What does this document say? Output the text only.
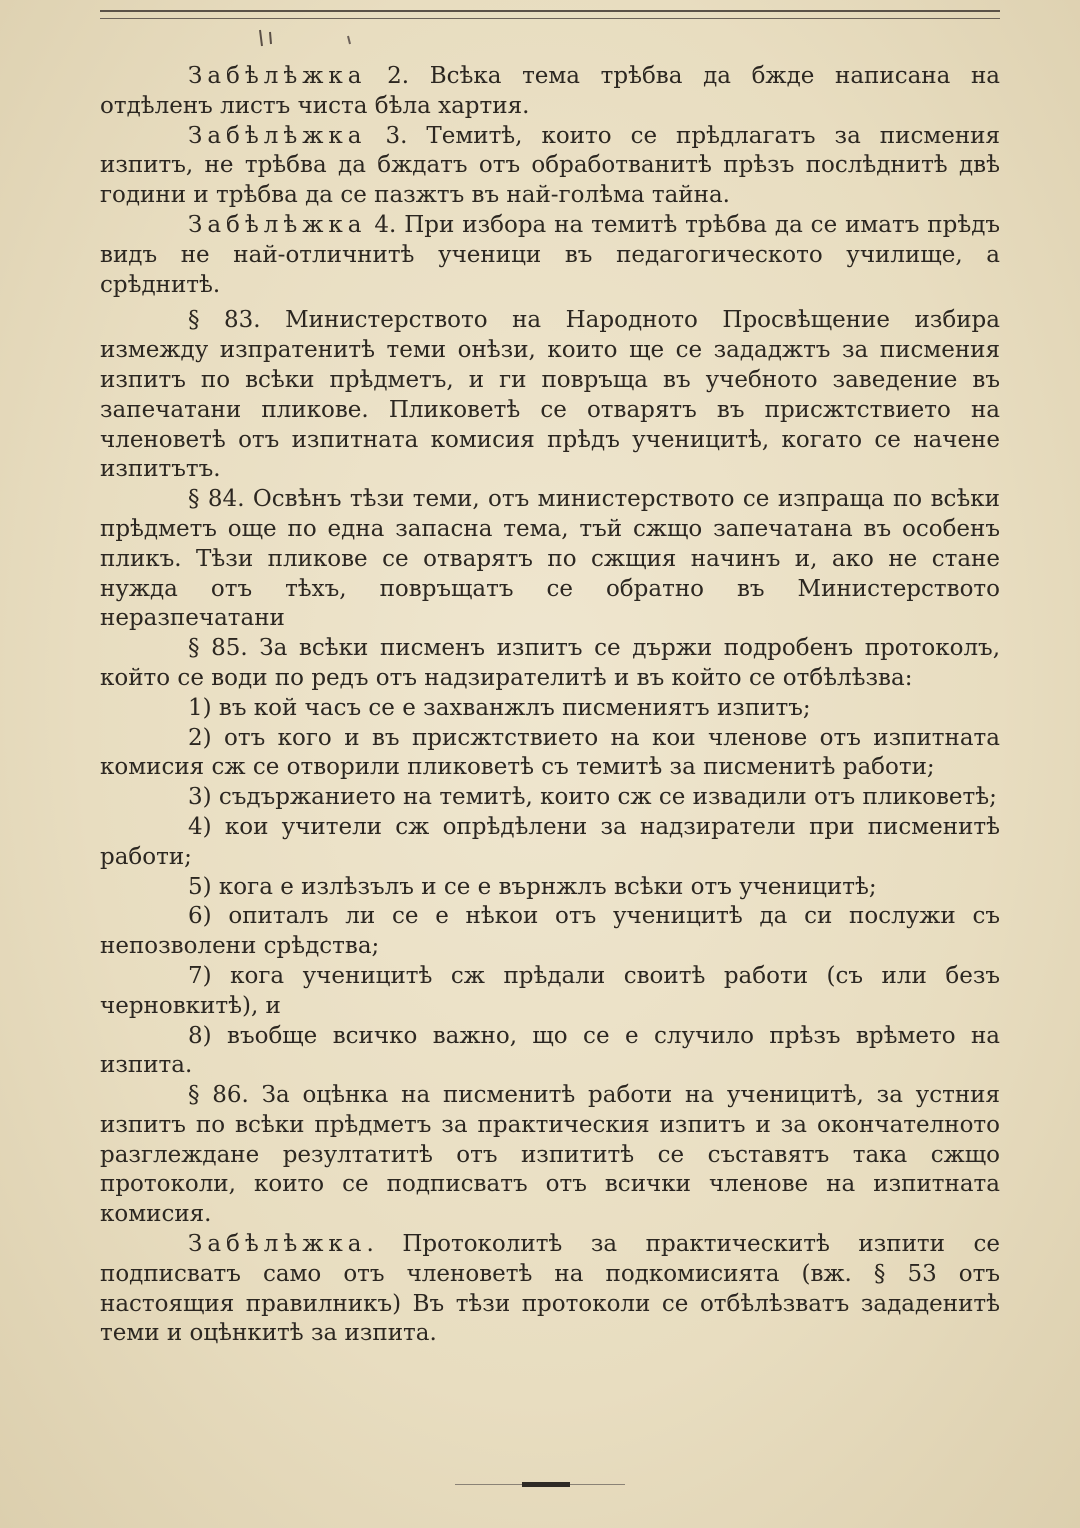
Забѣлѣжка 2. Всѣка тема трѣбва да бжде написана на отдѣленъ листъ чиста бѣла хартия.

Забѣлѣжка 3. Темитѣ, които се прѣдлагатъ за писмения изпитъ, не трѣбва да бждатъ отъ обработванитѣ прѣзъ послѣднитѣ двѣ години и трѣбва да се пазжтъ въ най-голѣма тайна.

Забѣлѣжка 4. При избора на темитѣ трѣбва да се иматъ прѣдъ видъ не най-отличнитѣ ученици въ педагогическото училище, а срѣднитѣ.

§ 83. Министерството на Народното Просвѣщение избира измежду изпратенитѣ теми онѣзи, които ще се зададжтъ за писмения изпитъ по всѣки прѣдметъ, и ги повръща въ учебното заведение въ запечатани пликове. Пликоветѣ се отварятъ въ присжтствието на членоветѣ отъ изпитната комисия прѣдъ ученицитѣ, когато се начене изпитътъ.

§ 84. Освѣнъ тѣзи теми, отъ министерството се изпраща по всѣки прѣдметъ още по една запасна тема, тъй сжщо запечатана въ особенъ пликъ. Тѣзи пликове се отварятъ по сжщия начинъ и, ако не стане нужда отъ тѣхъ, повръщатъ се обратно въ Министерството неразпечатани

§ 85. За всѣки писменъ изпитъ се държи подробенъ протоколъ, който се води по редъ отъ надзирателитѣ и въ който се отбѣлѣзва:

1) въ кой часъ се е захванжлъ писмениятъ изпитъ;

2) отъ кого и въ присжтствието на кои членове отъ изпитната комисия сж се отворили пликоветѣ съ темитѣ за писменитѣ работи;

3) съдържанието на темитѣ, които сж се извадили отъ пликоветѣ;

4) кои учители сж опрѣдѣлени за надзиратели при писменитѣ работи;

5) кога е излѣзълъ и се е върнжлъ всѣки отъ ученицитѣ;

6) опиталъ ли се е нѣкои отъ ученицитѣ да си послужи съ непозволени срѣдства;

7) кога ученицитѣ сж прѣдали своитѣ работи (съ или безъ черновкитѣ), и

8) въобще всичко важно, що се е случило прѣзъ врѣмето на изпита.

§ 86. За оцѣнка на писменитѣ работи на ученицитѣ, за устния изпитъ по всѣки прѣдметъ за практическия изпитъ и за окончателното разглеждане резултатитѣ отъ изпититѣ се съставятъ така сжщо протоколи, които се подписватъ отъ всички членове на изпитната комисия.

Забѣлѣжка. Протоколитѣ за практическитѣ изпити се подписватъ само отъ членоветѣ на подкомисията (вж. § 53 отъ настоящия правилникъ) Въ тѣзи протоколи се отбѣлѣзватъ зададенитѣ теми и оцѣнкитѣ за изпита.
